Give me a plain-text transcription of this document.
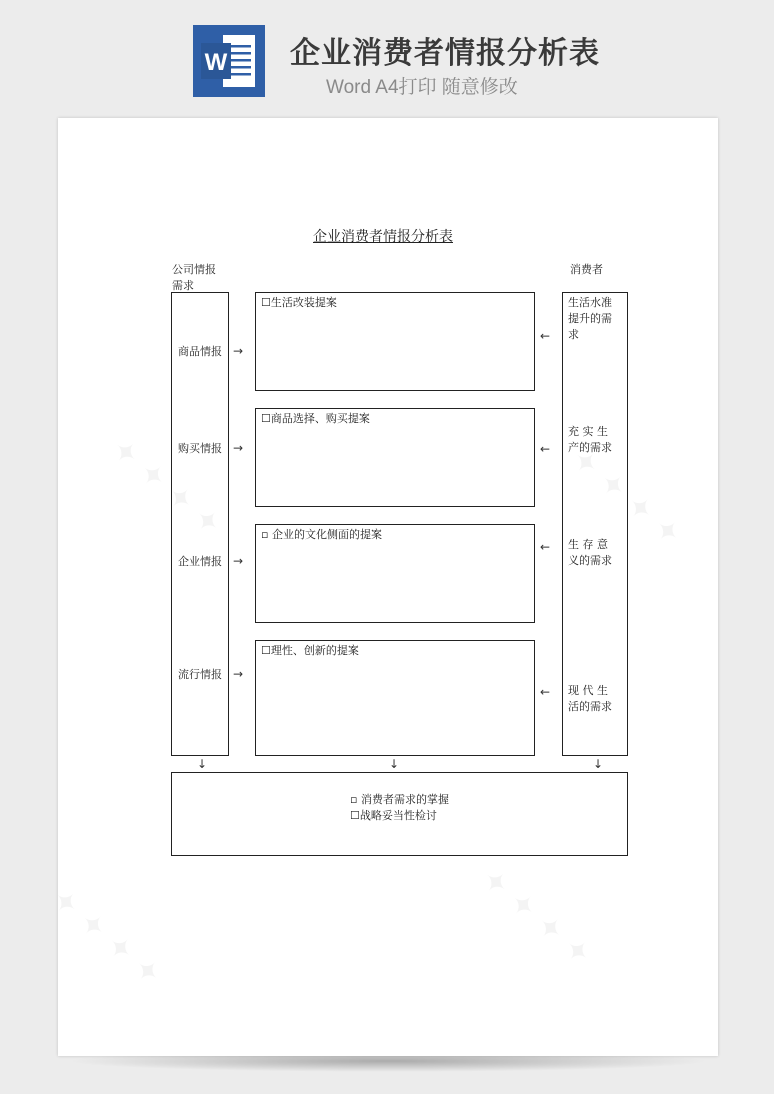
W 企业消费者情报分析表
Word A4打印 随意修改
企业消费者情报分析表
公司情报需求
消费者
商品情报
购买情报
企业情报
流行情报
→
→
→
→
☐生活改装提案
☐商品选择、购买提案
▫ 企业的文化侧面的提案
☐理性、创新的提案
←
←
←
←
生活水准提升的需求
充 实 生 产的需求
生 存 意 义的需求
现 代 生 活的需求
↓	↓	↓
▫ 消费者需求的掌握
☐战略妥当性检讨
